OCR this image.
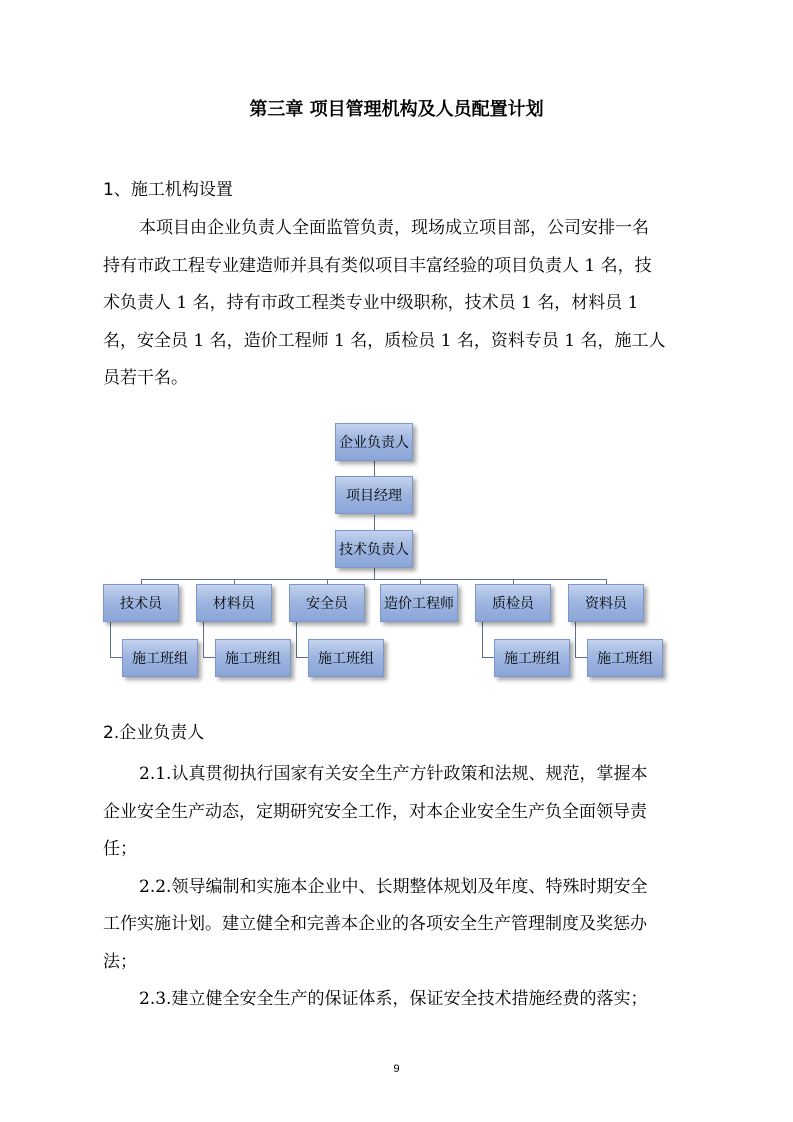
第三章 项目管理机构及人员配置计划
1、施工机构设置
本项目由企业负责人全面监管负责，现场成立项目部，公司安排一名
持有市政工程专业建造师并具有类似项目丰富经验的项目负责人 1 名，技
术负责人 1 名，持有市政工程类专业中级职称，技术员 1 名，材料员 1
名，安全员 1 名，造价工程师 1 名，质检员 1 名，资料专员 1 名，施工人
员若干名。
企业负责人
项目经理
技术负责人
技术员	材料员	安全员	造价工程师	质检员	资料员
施工班组	施工班组	施工班组	施工班组	施工班组
2.企业负责人
2.1.认真贯彻执行国家有关安全生产方针政策和法规、规范，掌握本
企业安全生产动态，定期研究安全工作，对本企业安全生产负全面领导责
任；
2.2.领导编制和实施本企业中、长期整体规划及年度、特殊时期安全
工作实施计划。建立健全和完善本企业的各项安全生产管理制度及奖惩办
法；
2.3.建立健全安全生产的保证体系，保证安全技术措施经费的落实；
9
